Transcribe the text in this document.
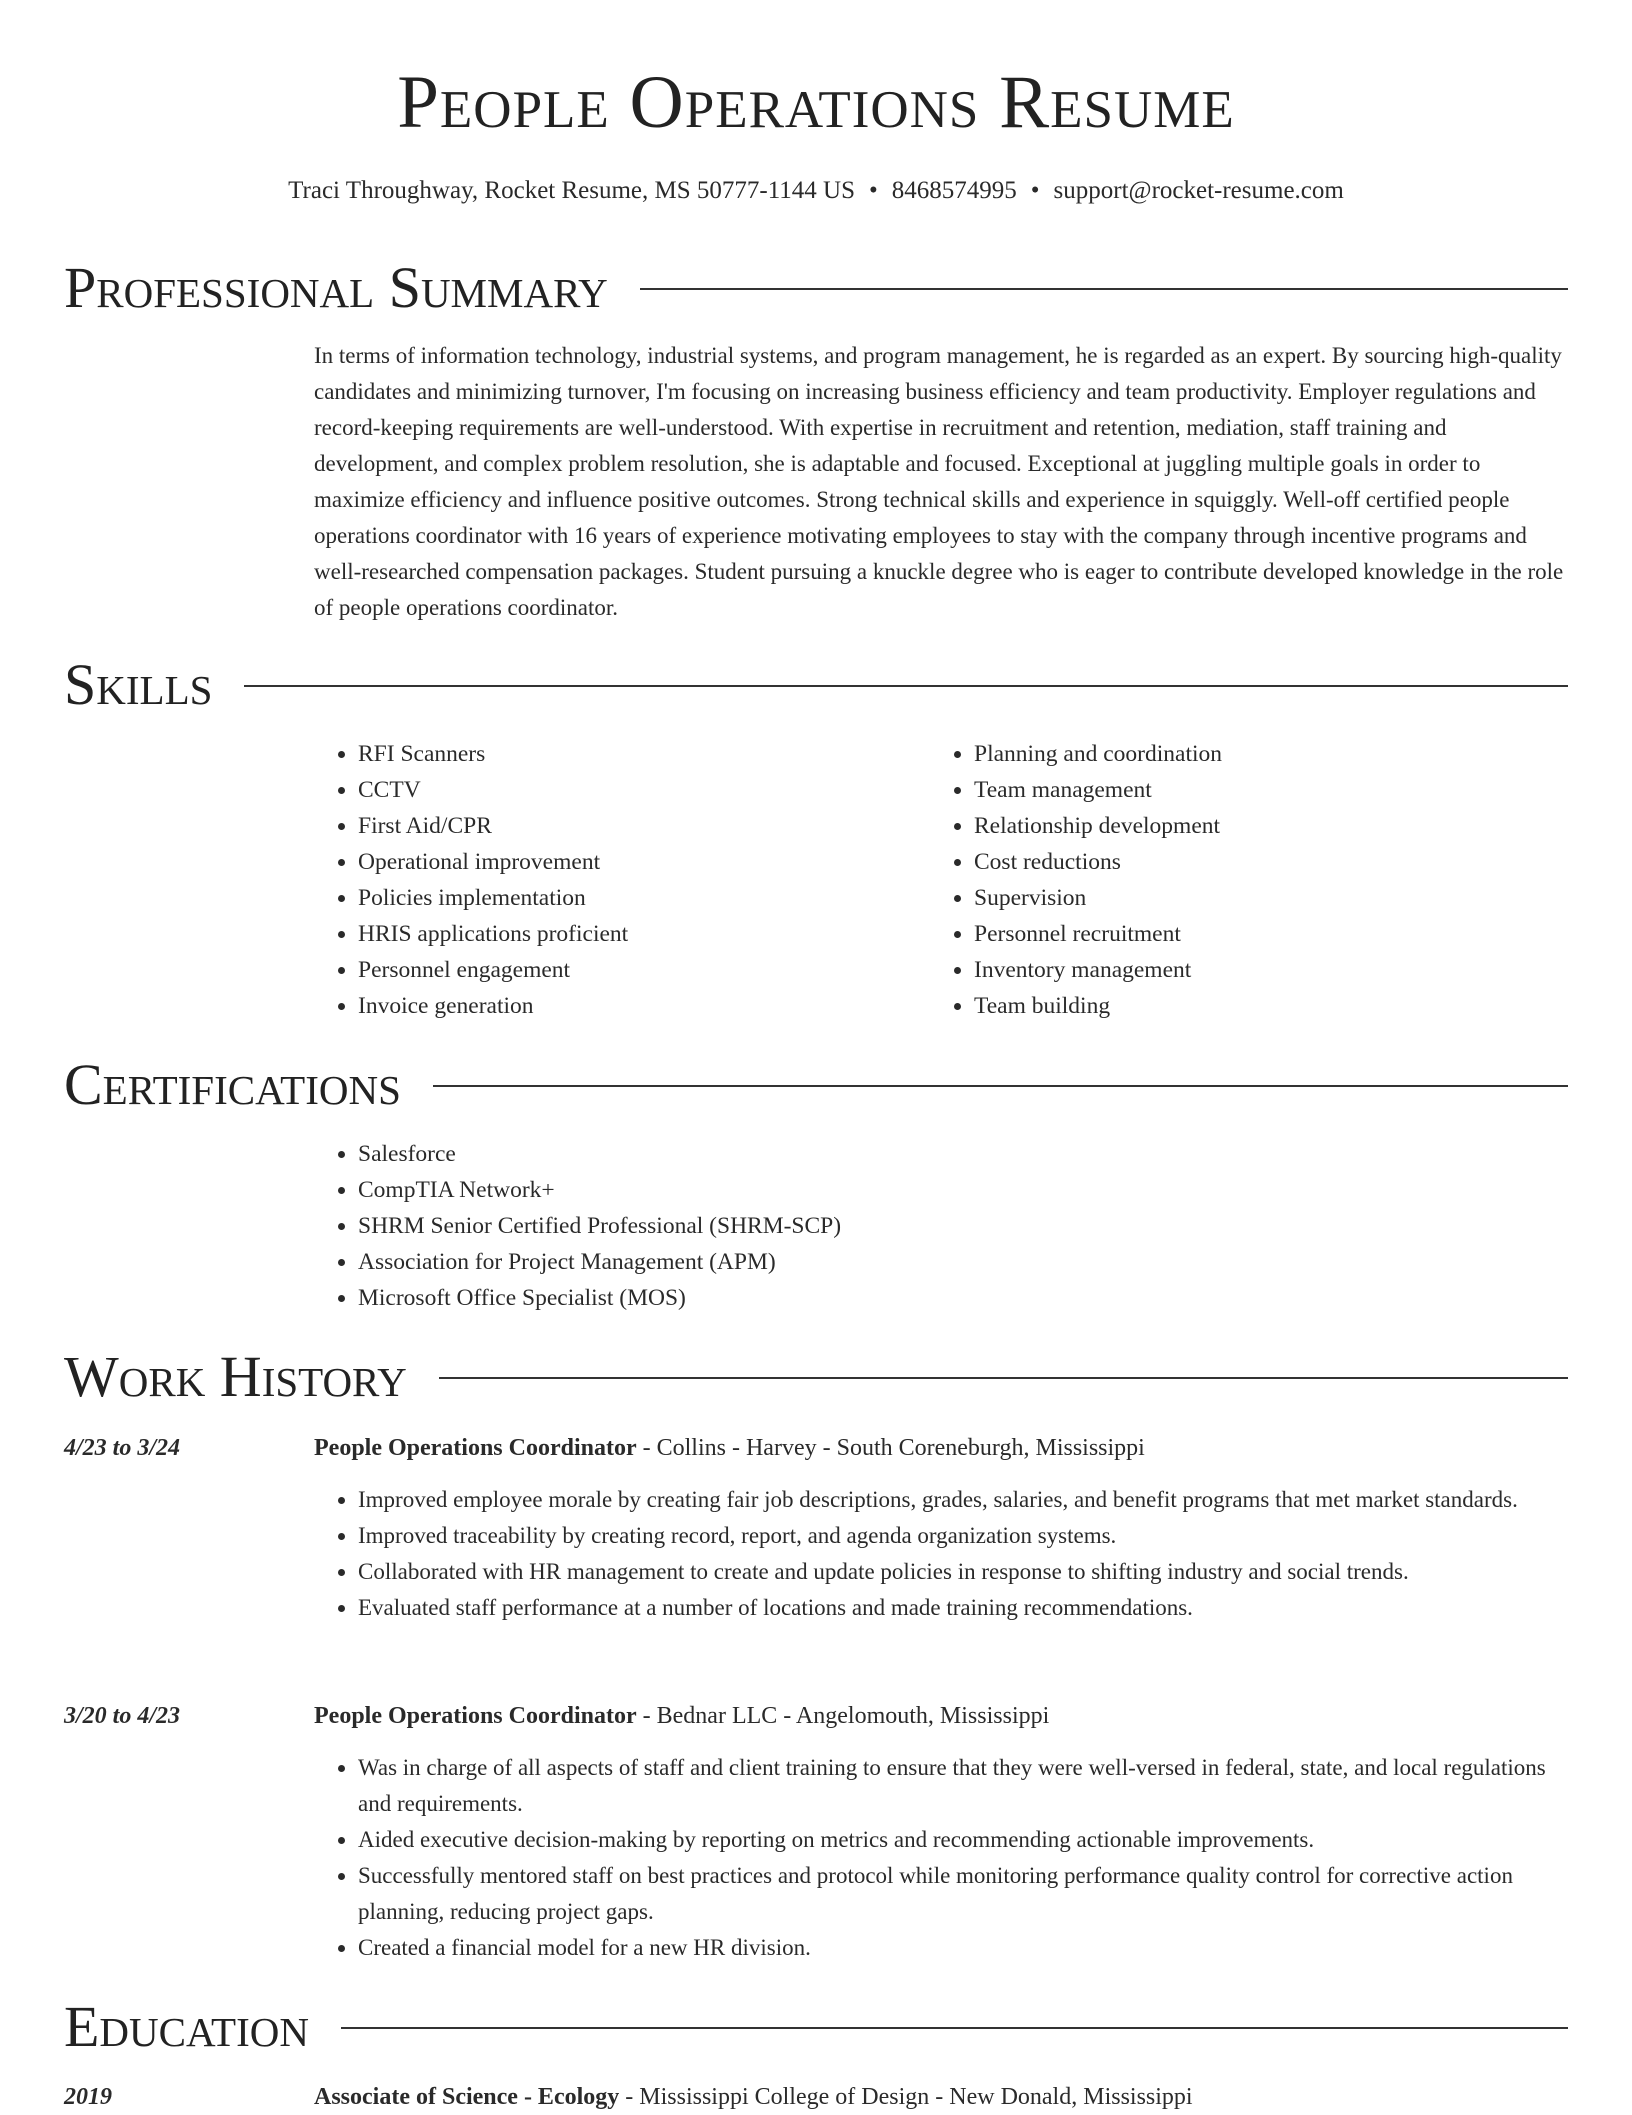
People Operations Resume
Traci Throughway, Rocket Resume, MS 50777-1144 US • 8468574995 • support@rocket-resume.com
Professional Summary

In terms of information technology, industrial systems, and program management, he is regarded as an expert. By sourcing high-quality candidates and minimizing turnover, I'm focusing on increasing business efficiency and team productivity. Employer regulations and record-keeping requirements are well-understood. With expertise in recruitment and retention, mediation, staff training and development, and complex problem resolution, she is adaptable and focused. Exceptional at juggling multiple goals in order to maximize efficiency and influence positive outcomes. Strong technical skills and experience in squiggly. Well-off certified people operations coordinator with 16 years of experience motivating employees to stay with the company through incentive programs and well-researched compensation packages. Student pursuing a knuckle degree who is eager to contribute developed knowledge in the role of people operations coordinator.

Skills
• RFI Scanners
• CCTV
• First Aid/CPR
• Operational improvement
• Policies implementation
• HRIS applications proficient
• Personnel engagement
• Invoice generation
• Planning and coordination
• Team management
• Relationship development
• Cost reductions
• Supervision
• Personnel recruitment
• Inventory management
• Team building
Certifications
• Salesforce
• CompTIA Network+
• SHRM Senior Certified Professional (SHRM-SCP)
• Association for Project Management (APM)
• Microsoft Office Specialist (MOS)
Work History
4/23 to 3/24	People Operations Coordinator - Collins - Harvey - South Coreneburgh, Mississippi
• Improved employee morale by creating fair job descriptions, grades, salaries, and benefit programs that met market standards.
• Improved traceability by creating record, report, and agenda organization systems.
• Collaborated with HR management to create and update policies in response to shifting industry and social trends.
• Evaluated staff performance at a number of locations and made training recommendations.
3/20 to 4/23	People Operations Coordinator - Bednar LLC - Angelomouth, Mississippi
• Was in charge of all aspects of staff and client training to ensure that they were well-versed in federal, state, and local regulations and requirements.
• Aided executive decision-making by reporting on metrics and recommending actionable improvements.
• Successfully mentored staff on best practices and protocol while monitoring performance quality control for corrective action planning, reducing project gaps.
• Created a financial model for a new HR division.
Education
2019	Associate of Science - Ecology - Mississippi College of Design - New Donald, Mississippi
